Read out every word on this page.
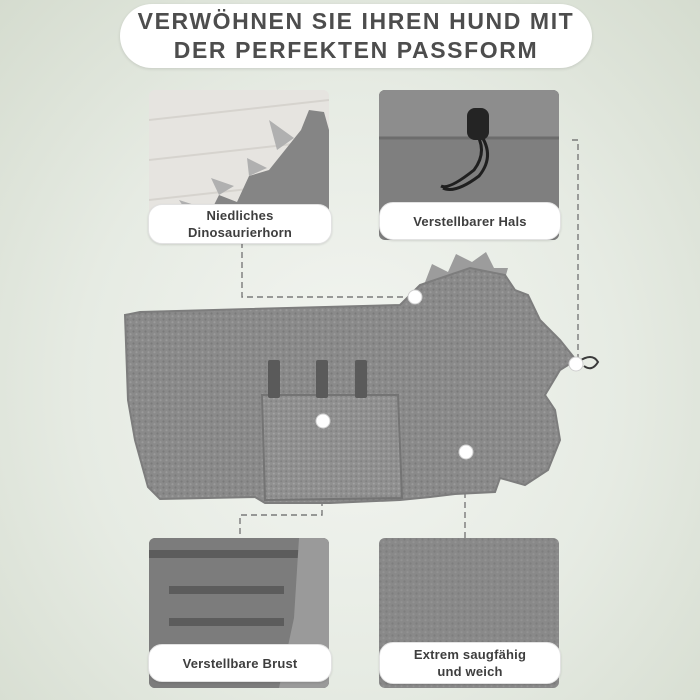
VERWÖHNEN SIE IHREN HUND MIT
DER PERFEKTEN PASSFORM
Niedliches
Dinosaurierhorn
Verstellbarer Hals
Verstellbare Brust
Extrem saugfähig
und weich
